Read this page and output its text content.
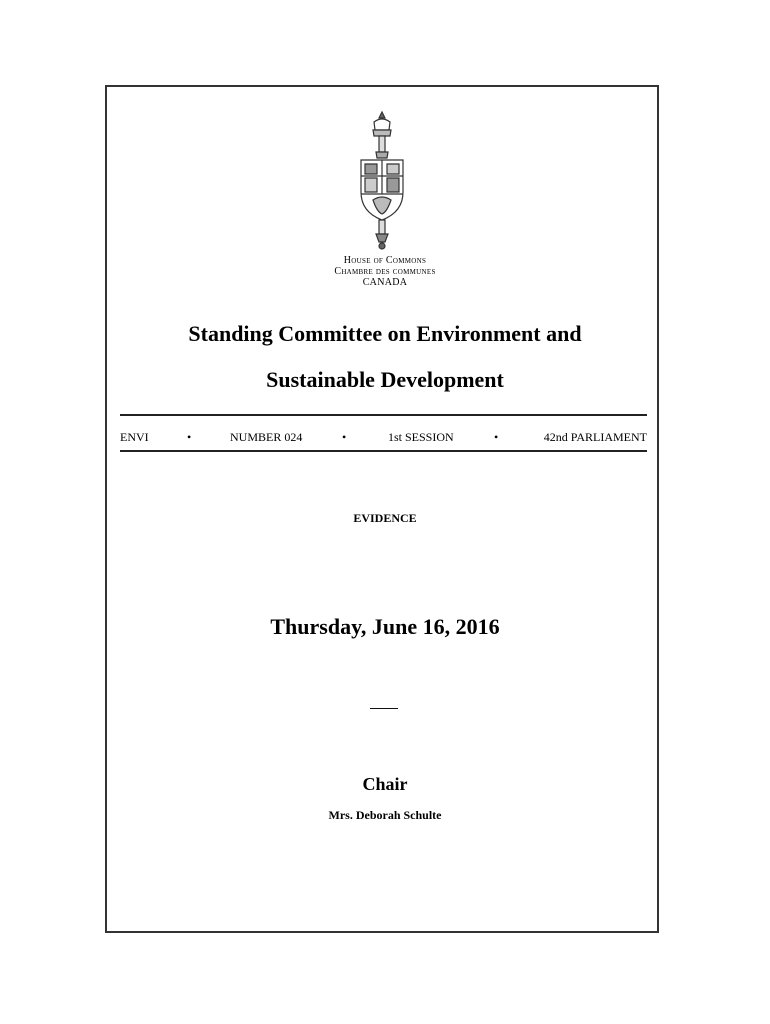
House of Commons
Chambre des communes
CANADA
Standing Committee on Environment and
Sustainable Development
ENVI	•	NUMBER 024	•	1st SESSION	•	42nd PARLIAMENT
EVIDENCE
Thursday, June 16, 2016
Chair
Mrs. Deborah Schulte
